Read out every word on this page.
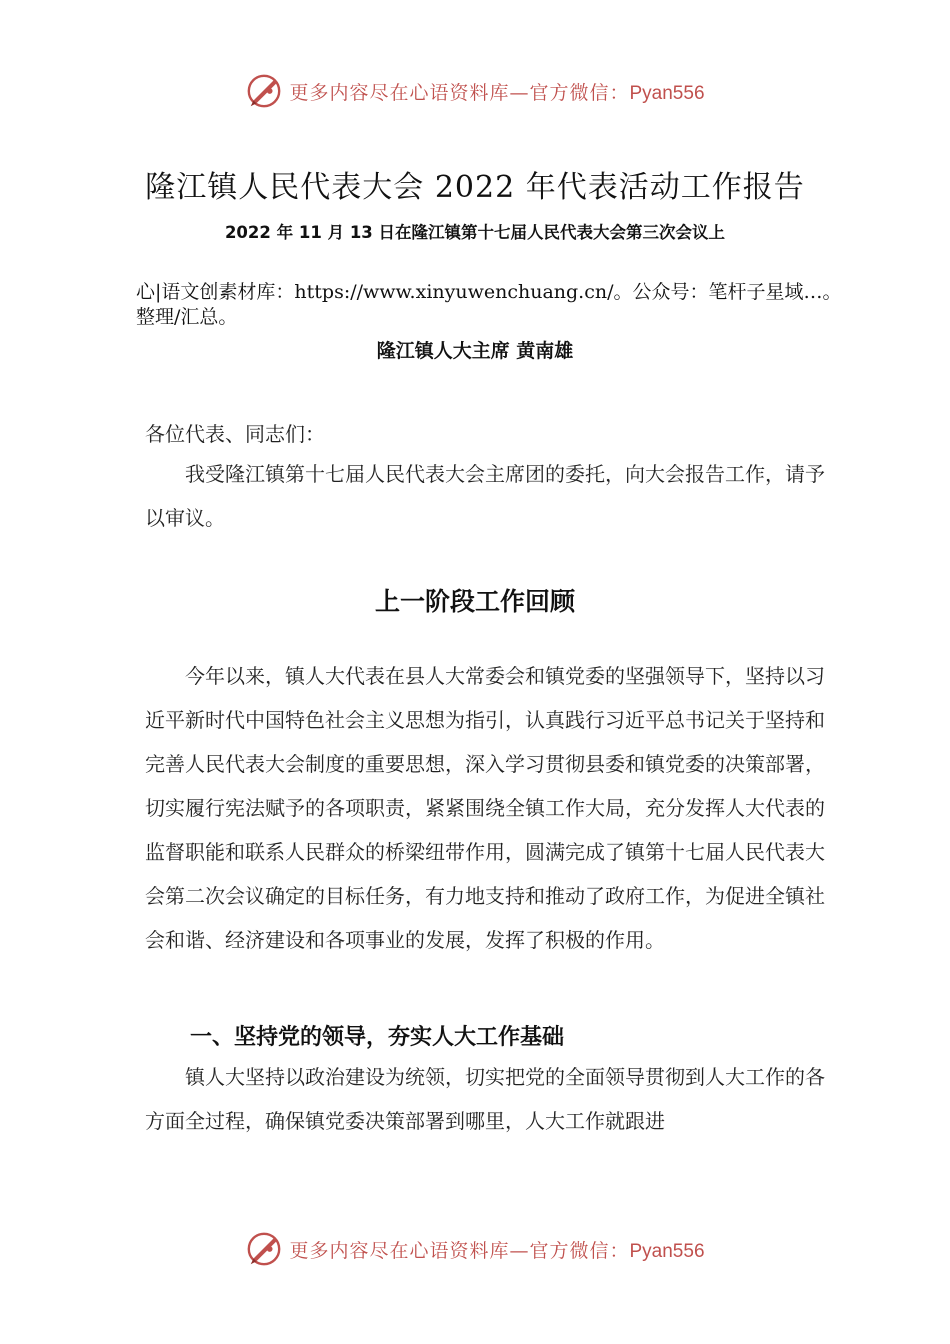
更多内容尽在心语资料库—官方微信：Pyan556
隆江镇人民代表大会 2022 年代表活动工作报告
2022 年 11 月 13 日在隆江镇第十七届人民代表大会第三次会议上
心|语文创素材库：https://www.xinyuwenchuang.cn/。公众号：笔杆子星域…。整理/汇总。
隆江镇人大主席 黄南雄
各位代表、同志们：

我受隆江镇第十七届人民代表大会主席团的委托，向大会报告工作，请予以审议。

上一阶段工作回顾

今年以来，镇人大代表在县人大常委会和镇党委的坚强领导下，坚持以习近平新时代中国特色社会主义思想为指引，认真践行习近平总书记关于坚持和完善人民代表大会制度的重要思想，深入学习贯彻县委和镇党委的决策部署，切实履行宪法赋予的各项职责，紧紧围绕全镇工作大局，充分发挥人大代表的监督职能和联系人民群众的桥梁纽带作用，圆满完成了镇第十七届人民代表大会第二次会议确定的目标任务，有力地支持和推动了政府工作，为促进全镇社会和谐、经济建设和各项事业的发展，发挥了积极的作用。

一、坚持党的领导，夯实人大工作基础

镇人大坚持以政治建设为统领，切实把党的全面领导贯彻到人大工作的各方面全过程，确保镇党委决策部署到哪里，人大工作就跟进

更多内容尽在心语资料库—官方微信：Pyan556
